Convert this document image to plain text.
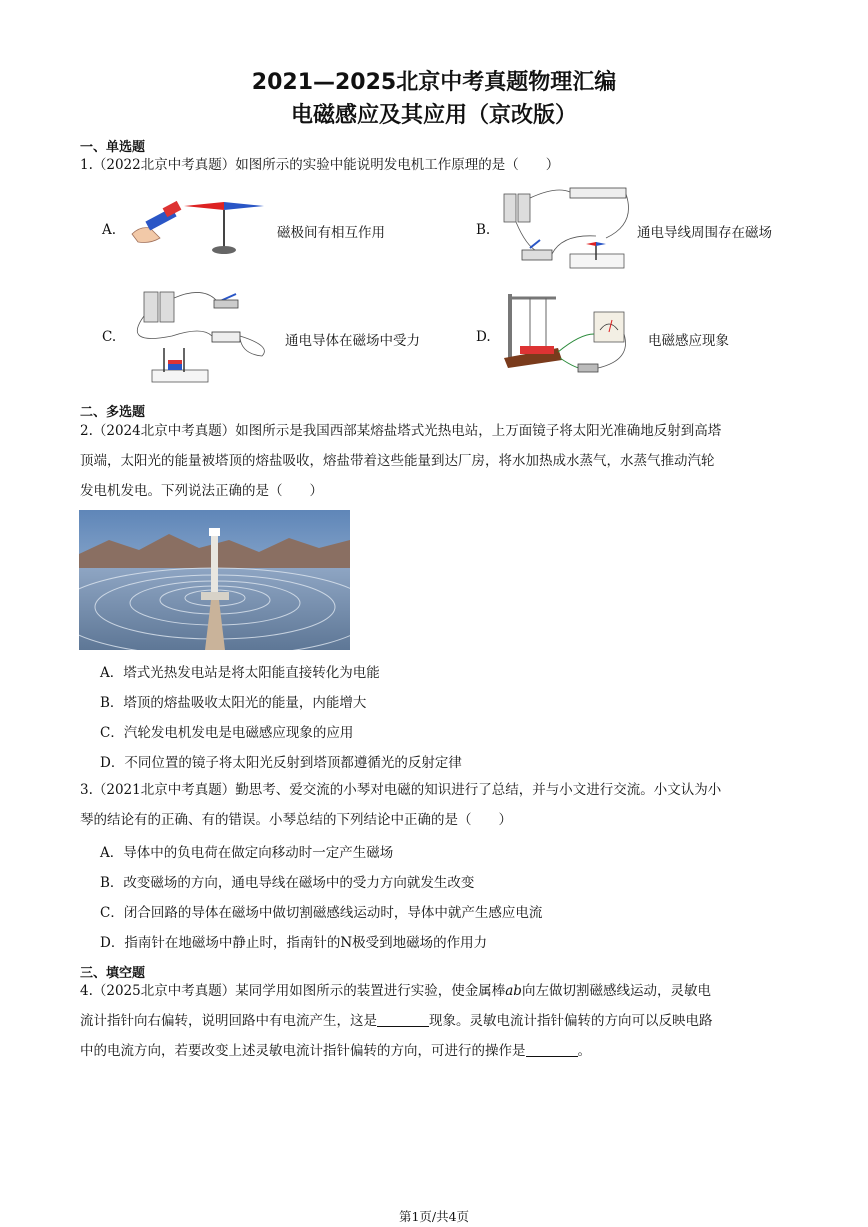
2021—2025北京中考真题物理汇编
电磁感应及其应用（京改版）
一、单选题
1.（2022北京中考真题）如图所示的实验中能说明发电机工作原理的是（　　）
A.	磁极间有相互作用	B.	通电导线周围存在磁场
C.	通电导体在磁场中受力	D.	电磁感应现象
二、多选题
2.（2024北京中考真题）如图所示是我国西部某熔盐塔式光热电站，上万面镜子将太阳光准确地反射到高塔
顶端，太阳光的能量被塔顶的熔盐吸收，熔盐带着这些能量到达厂房，将水加热成水蒸气，水蒸气推动汽轮
发电机发电。下列说法正确的是（　　）
A．塔式光热发电站是将太阳能直接转化为电能
B．塔顶的熔盐吸收太阳光的能量，内能增大
C．汽轮发电机发电是电磁感应现象的应用
D．不同位置的镜子将太阳光反射到塔顶都遵循光的反射定律
3.（2021北京中考真题）勤思考、爱交流的小琴对电磁的知识进行了总结，并与小文进行交流。小文认为小
琴的结论有的正确、有的错误。小琴总结的下列结论中正确的是（　　）
A．导体中的负电荷在做定向移动时一定产生磁场
B．改变磁场的方向，通电导线在磁场中的受力方向就发生改变
C．闭合回路的导体在磁场中做切割磁感线运动时，导体中就产生感应电流
D．指南针在地磁场中静止时，指南针的N极受到地磁场的作用力
三、填空题
4.（2025北京中考真题）某同学用如图所示的装置进行实验，使金属棒ab向左做切割磁感线运动，灵敏电
流计指针向右偏转，说明回路中有电流产生，这是	现象。灵敏电流计指针偏转的方向可以反映电路
中的电流方向，若要改变上述灵敏电流计指针偏转的方向，可进行的操作是	。
第1页/共4页
